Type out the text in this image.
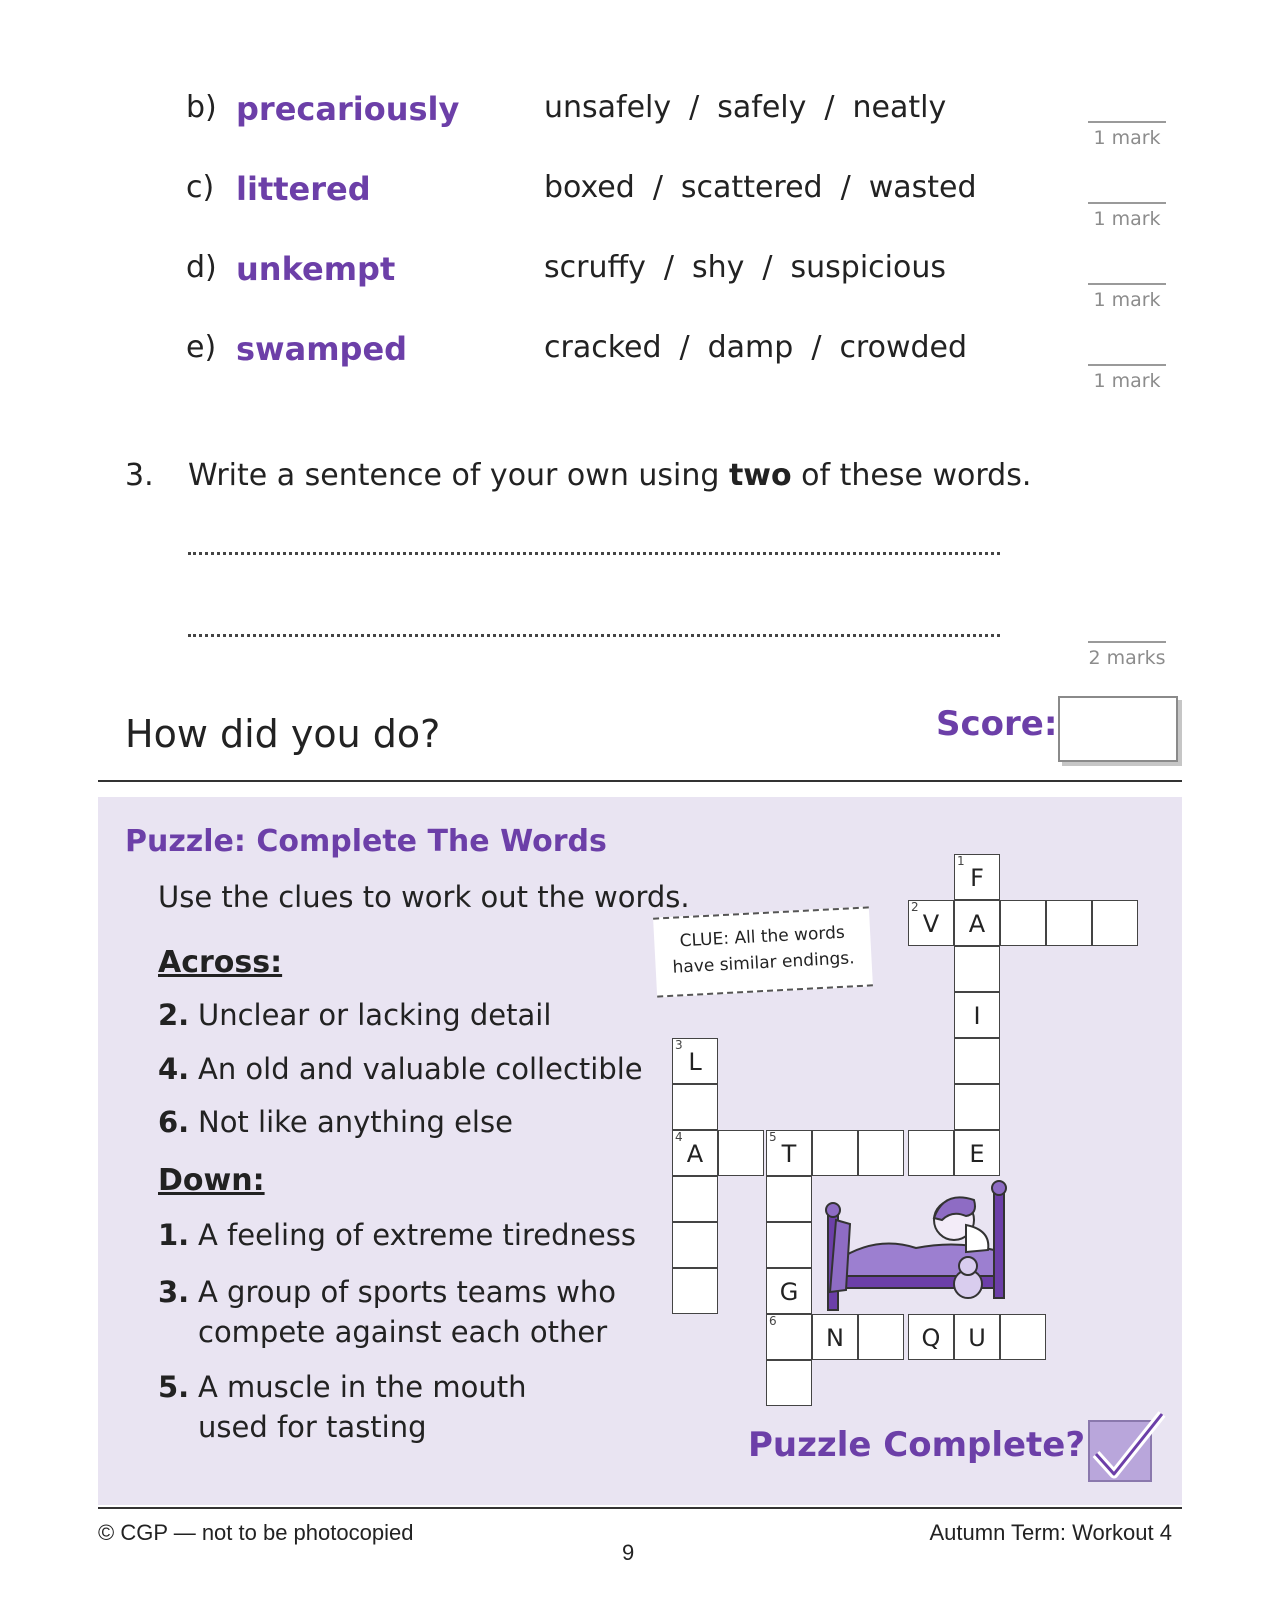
b) precariously	unsafely / safely / neatly
1 mark
c) littered	boxed / scattered / wasted
1 mark
d) unkempt	scruffy / shy / suspicious
1 mark
e) swamped	cracked / damp / crowded
1 mark
3. Write a sentence of your own using two of these words.
2 marks
How did you do?	Score:
Puzzle: Complete The Words
Use the clues to work out the words.
Across:
2. Unclear or lacking detail
4. An old and valuable collectible
6. Not like anything else
Down:
1. A feeling of extreme tiredness
3. A group of sports teams who
compete against each other
5. A muscle in the mouth
used for tasting
CLUE: All the words
have similar endings.
1
F
2
V	A
I
E
3
L
4
A
5
T
G
6
N	Q	U
Puzzle Complete?
© CGP — not to be photocopied
9
Autumn Term: Workout 4
